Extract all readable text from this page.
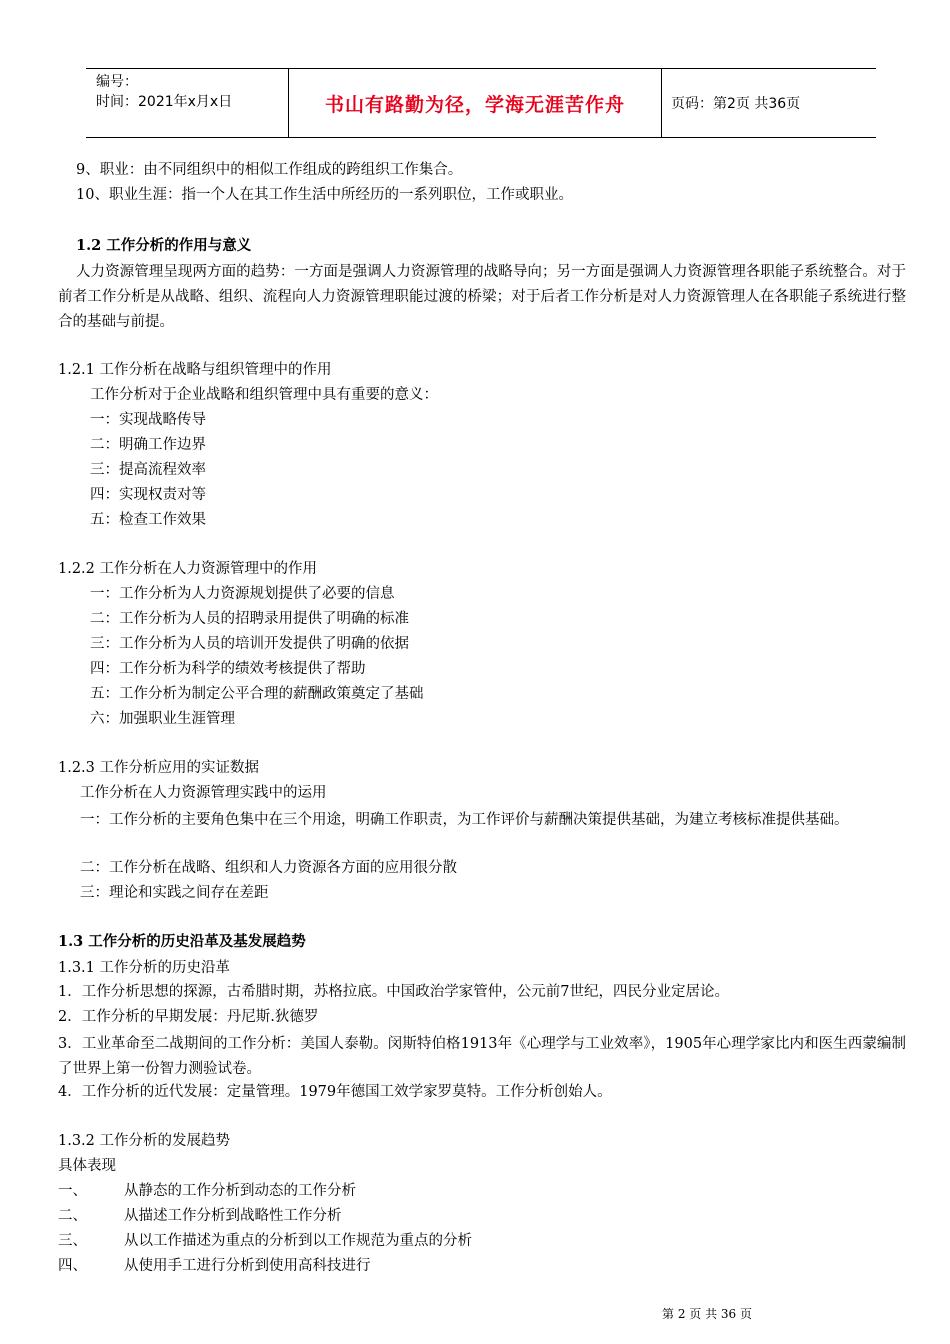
编号：
时间：2021年x月x日	书山有路勤为径，学海无涯苦作舟	页码：第2页 共36页
9、职业：由不同组织中的相似工作组成的跨组织工作集合。
10、职业生涯：指一个人在其工作生活中所经历的一系列职位，工作或职业。
1.2 工作分析的作用与意义
人力资源管理呈现两方面的趋势：一方面是强调人力资源管理的战略导向；另一方面是强调人力资源管理各职能子系统整合。对于前者工作分析是从战略、组织、流程向人力资源管理职能过渡的桥梁；对于后者工作分析是对人力资源管理人在各职能子系统进行整合的基础与前提。
1.2.1 工作分析在战略与组织管理中的作用
工作分析对于企业战略和组织管理中具有重要的意义：
一：实现战略传导
二：明确工作边界
三：提高流程效率
四：实现权责对等
五：检查工作效果
1.2.2 工作分析在人力资源管理中的作用
一：工作分析为人力资源规划提供了必要的信息
二：工作分析为人员的招聘录用提供了明确的标准
三：工作分析为人员的培训开发提供了明确的依据
四：工作分析为科学的绩效考核提供了帮助
五：工作分析为制定公平合理的薪酬政策奠定了基础
六：加强职业生涯管理
1.2.3 工作分析应用的实证数据
工作分析在人力资源管理实践中的运用
一：工作分析的主要角色集中在三个用途，明确工作职责，为工作评价与薪酬决策提供基础，为建立考核标准提供基础。
二：工作分析在战略、组织和人力资源各方面的应用很分散
三：理论和实践之间存在差距
1.3 工作分析的历史沿革及基发展趋势
1.3.1 工作分析的历史沿革
1．工作分析思想的探源，古希腊时期，苏格拉底。中国政治学家管仲，公元前7世纪，四民分业定居论。
2．工作分析的早期发展：丹尼斯.狄德罗
3．工业革命至二战期间的工作分析：美国人泰勒。闵斯特伯格1913年《心理学与工业效率》，1905年心理学家比内和医生西蒙编制了世界上第一份智力测验试卷。
4．工作分析的近代发展：定量管理。1979年德国工效学家罗莫特。工作分析创始人。
1.3.2 工作分析的发展趋势
具体表现
一、	从静态的工作分析到动态的工作分析
二、	从描述工作分析到战略性工作分析
三、	从以工作描述为重点的分析到以工作规范为重点的分析
四、	从使用手工进行分析到使用高科技进行
第 2 页 共 36 页
